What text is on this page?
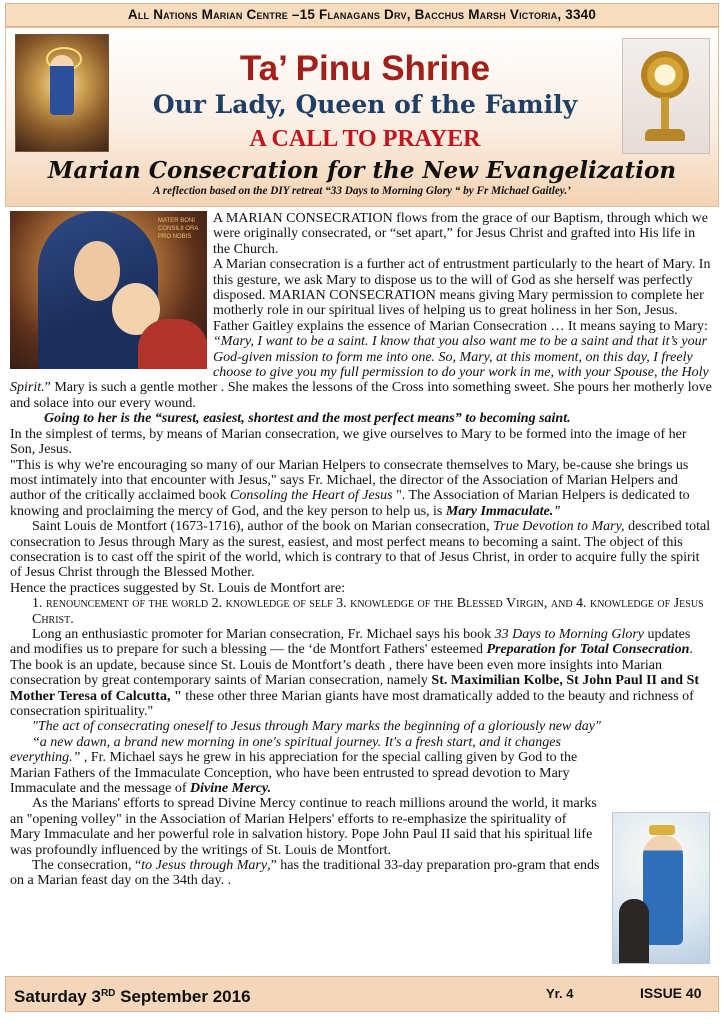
All Nations Marian Centre –15 Flanagans Drv, Bacchus Marsh Victoria, 3340
Ta’ Pinu Shrine
Our Lady, Queen of the Family
A CALL TO PRAYER
Marian Consecration for the New Evangelization
A reflection based on the DIY retreat “33 Days to Morning Glory “ by Fr Michael Gaitley.’
MATER BONI CONSILII ORA PRO NOBIS

A MARIAN CONSECRATION flows from the grace of our Baptism, through which we were originally consecrated, or “set apart,” for Jesus Christ and grafted into His life in the Church.

A Marian consecration is a further act of entrustment particularly to the heart of Mary. In this gesture, we ask Mary to dispose us to the will of God as she herself was perfectly disposed. MARIAN CONSECRATION means giving Mary permission to complete her motherly role in our spiritual lives of helping us to great holiness in her Son, Jesus.

Father Gaitley explains the essence of Marian Consecration … It means saying to Mary: “Mary, I want to be a saint. I know that you also want me to be a saint and that it’s your God-given mission to form me into one. So, Mary, at this moment, on this day, I freely choose to give you my full permission to do your work in me, with your Spouse, the Holy Spirit.” Mary is such a gentle mother . She makes the lessons of the Cross into something sweet. She pours her motherly love and solace into our every wound.

Going to her is the “surest, easiest, shortest and the most perfect means” to becoming saint.

In the simplest of terms, by means of Marian consecration, we give ourselves to Mary to be formed into the image of her Son, Jesus.

"This is why we're encouraging so many of our Marian Helpers to consecrate themselves to Mary, be-cause she brings us most intimately into that encounter with Jesus," says Fr. Michael, the director of the Association of Marian Helpers and author of the critically acclaimed book Consoling the Heart of Jesus ". The Association of Marian Helpers is dedicated to knowing and proclaiming the mercy of God, and the key person to help us, is Mary Immaculate."

Saint Louis de Montfort (1673-1716), author of the book on Marian consecration, True Devotion to Mary, described total consecration to Jesus through Mary as the surest, easiest, and most perfect means to becoming a saint. The object of this consecration is to cast off the spirit of the world, which is contrary to that of Jesus Christ, in order to acquire fully the spirit of Jesus Christ through the Blessed Mother.

Hence the practices suggested by St. Louis de Montfort are:

1. renouncement of the world 2. knowledge of self 3. knowledge of the Blessed Virgin, and 4. knowledge of Jesus Christ.

Long an enthusiastic promoter for Marian consecration, Fr. Michael says his book 33 Days to Morning Glory updates and modifies us to prepare for such a blessing — the ‘de Montfort Fathers' esteemed Preparation for Total Consecration. The book is an update, because since St. Louis de Montfort’s death , there have been even more insights into Marian consecration by great contemporary saints of Marian consecration, namely St. Maximilian Kolbe, St John Paul II and St Mother Teresa of Calcutta, " these other three Marian giants have most dramatically added to the beauty and richness of consecration spirituality."

"The act of consecrating oneself to Jesus through Mary marks the beginning of a gloriously new day"

“a new dawn, a brand new morning in one's spiritual journey. It's a fresh start, and it changes everything.” , Fr. Michael says he grew in his appreciation for the special calling given by God to the Marian Fathers of the Immaculate Conception, who have been entrusted to spread devotion to Mary Immaculate and the message of Divine Mercy.

As the Marians' efforts to spread Divine Mercy continue to reach millions around the world, it marks an "opening volley" in the Association of Marian Helpers' efforts to re-emphasize the spirituality of Mary Immaculate and her powerful role in salvation history. Pope John Paul II said that his spiritual life was profoundly influenced by the writings of St. Louis de Montfort.

The consecration, “to Jesus through Mary,” has the traditional 33-day preparation pro-gram that ends on a Marian feast day on the 34th day. .

Saturday 3RD September 2016	Yr. 4	ISSUE 40
